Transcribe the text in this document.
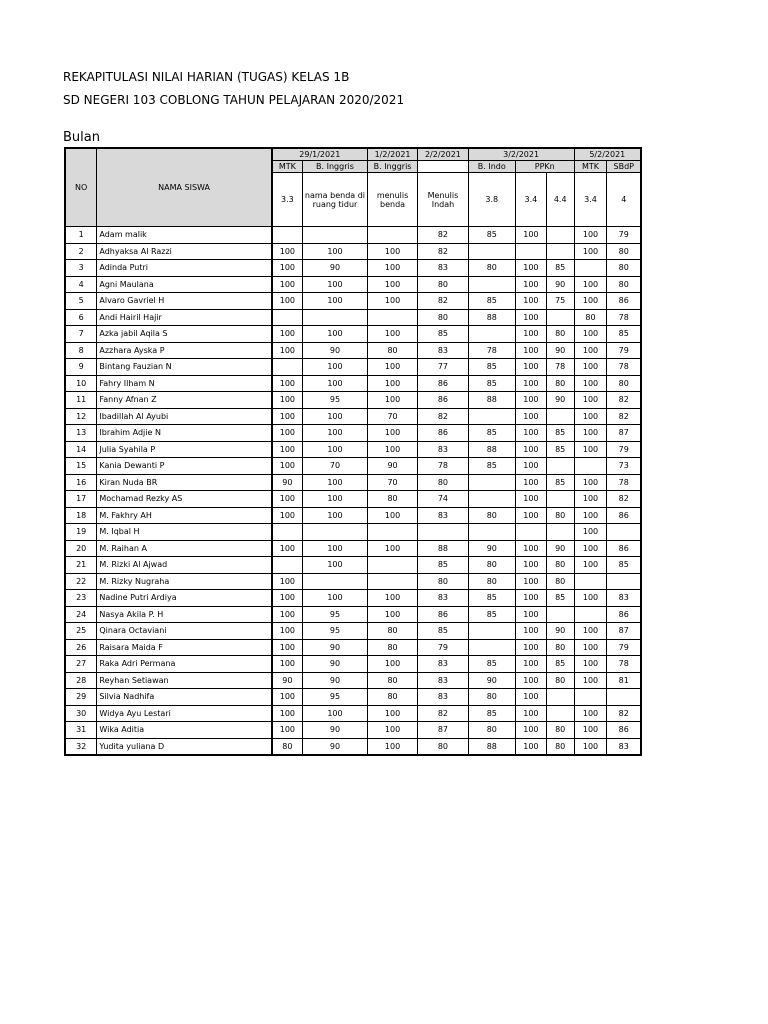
REKAPITULASI NILAI HARIAN (TUGAS) KELAS 1B
SD NEGERI 103 COBLONG TAHUN PELAJARAN 2020/2021
Bulan
NO	NAMA SISWA	29/1/2021		1/2/2021	2/2/2021	3/2/2021			5/2/2021	
		MTK	B. Inggris	B. Inggris		B. Indo	PPKn		MTK	SBdP
		3.3	nama benda di ruang tidur	menulis benda	Menulis Indah	3.8	3.4	4.4	3.4	4
1	Adam malik				82	85	100		100	79
2	Adhyaksa Al Razzi	100	100	100	82				100	80
3	Adinda Putri	100	90	100	83	80	100	85		80
4	Agni Maulana	100	100	100	80		100	90	100	80
5	Alvaro Gavriel H	100	100	100	82	85	100	75	100	86
6	Andi Hairil Hajir				80	88	100		80	78
7	Azka jabil Aqila S	100	100	100	85		100	80	100	85
8	Azzhara Ayska P	100	90	80	83	78	100	90	100	79
9	Bintang Fauzian N		100	100	77	85	100	78	100	78
10	Fahry Ilham N	100	100	100	86	85	100	80	100	80
11	Fanny Afnan Z	100	95	100	86	88	100	90	100	82
12	Ibadillah Al Ayubi	100	100	70	82		100		100	82
13	Ibrahim Adjie N	100	100	100	86	85	100	85	100	87
14	Julia Syahila P	100	100	100	83	88	100	85	100	79
15	Kania Dewanti P	100	70	90	78	85	100			73
16	Kiran Nuda BR	90	100	70	80		100	85	100	78
17	Mochamad Rezky AS	100	100	80	74		100		100	82
18	M. Fakhry AH	100	100	100	83	80	100	80	100	86
19	M. Iqbal H								100	
20	M. Raihan A	100	100	100	88	90	100	90	100	86
21	M. Rizki Al Ajwad		100		85	80	100	80	100	85
22	M. Rizky Nugraha	100			80	80	100	80		
23	Nadine Putri Ardiya	100	100	100	83	85	100	85	100	83
24	Nasya Akila P. H	100	95	100	86	85	100			86
25	Qinara Octaviani	100	95	80	85		100	90	100	87
26	Raisara Maida F	100	90	80	79		100	80	100	79
27	Raka Adri Permana	100	90	100	83	85	100	85	100	78
28	Reyhan Setiawan	90	90	80	83	90	100	80	100	81
29	Silvia Nadhifa	100	95	80	83	80	100			
30	Widya Ayu Lestari	100	100	100	82	85	100		100	82
31	Wika Aditia	100	90	100	87	80	100	80	100	86
32	Yudita yuliana D	80	90	100	80	88	100	80	100	83
